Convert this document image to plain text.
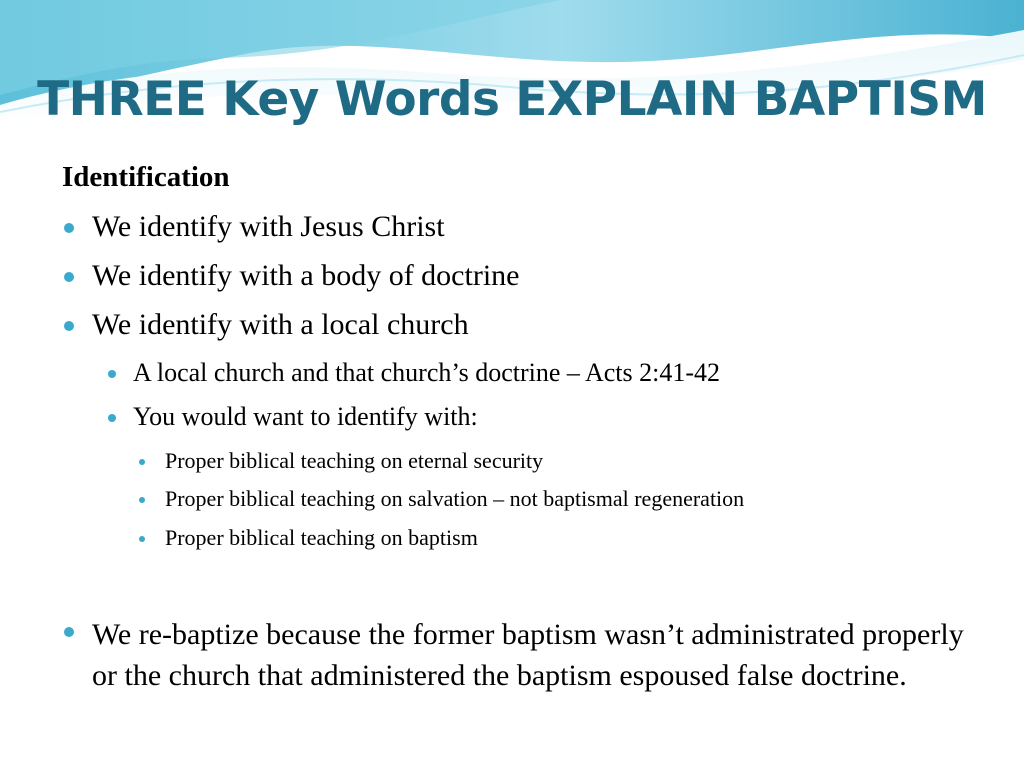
THREE Key Words EXPLAIN BAPTISM
Identification
We identify with Jesus Christ
We identify with a body of doctrine
We identify with a local church
A local church and that church’s doctrine – Acts 2:41-42
You would want to identify with:
Proper biblical teaching on eternal security
Proper biblical teaching on salvation – not baptismal regeneration
Proper biblical teaching on baptism
We re-baptize because the former baptism wasn’t administrated properly or the church that administered the baptism espoused false doctrine.
